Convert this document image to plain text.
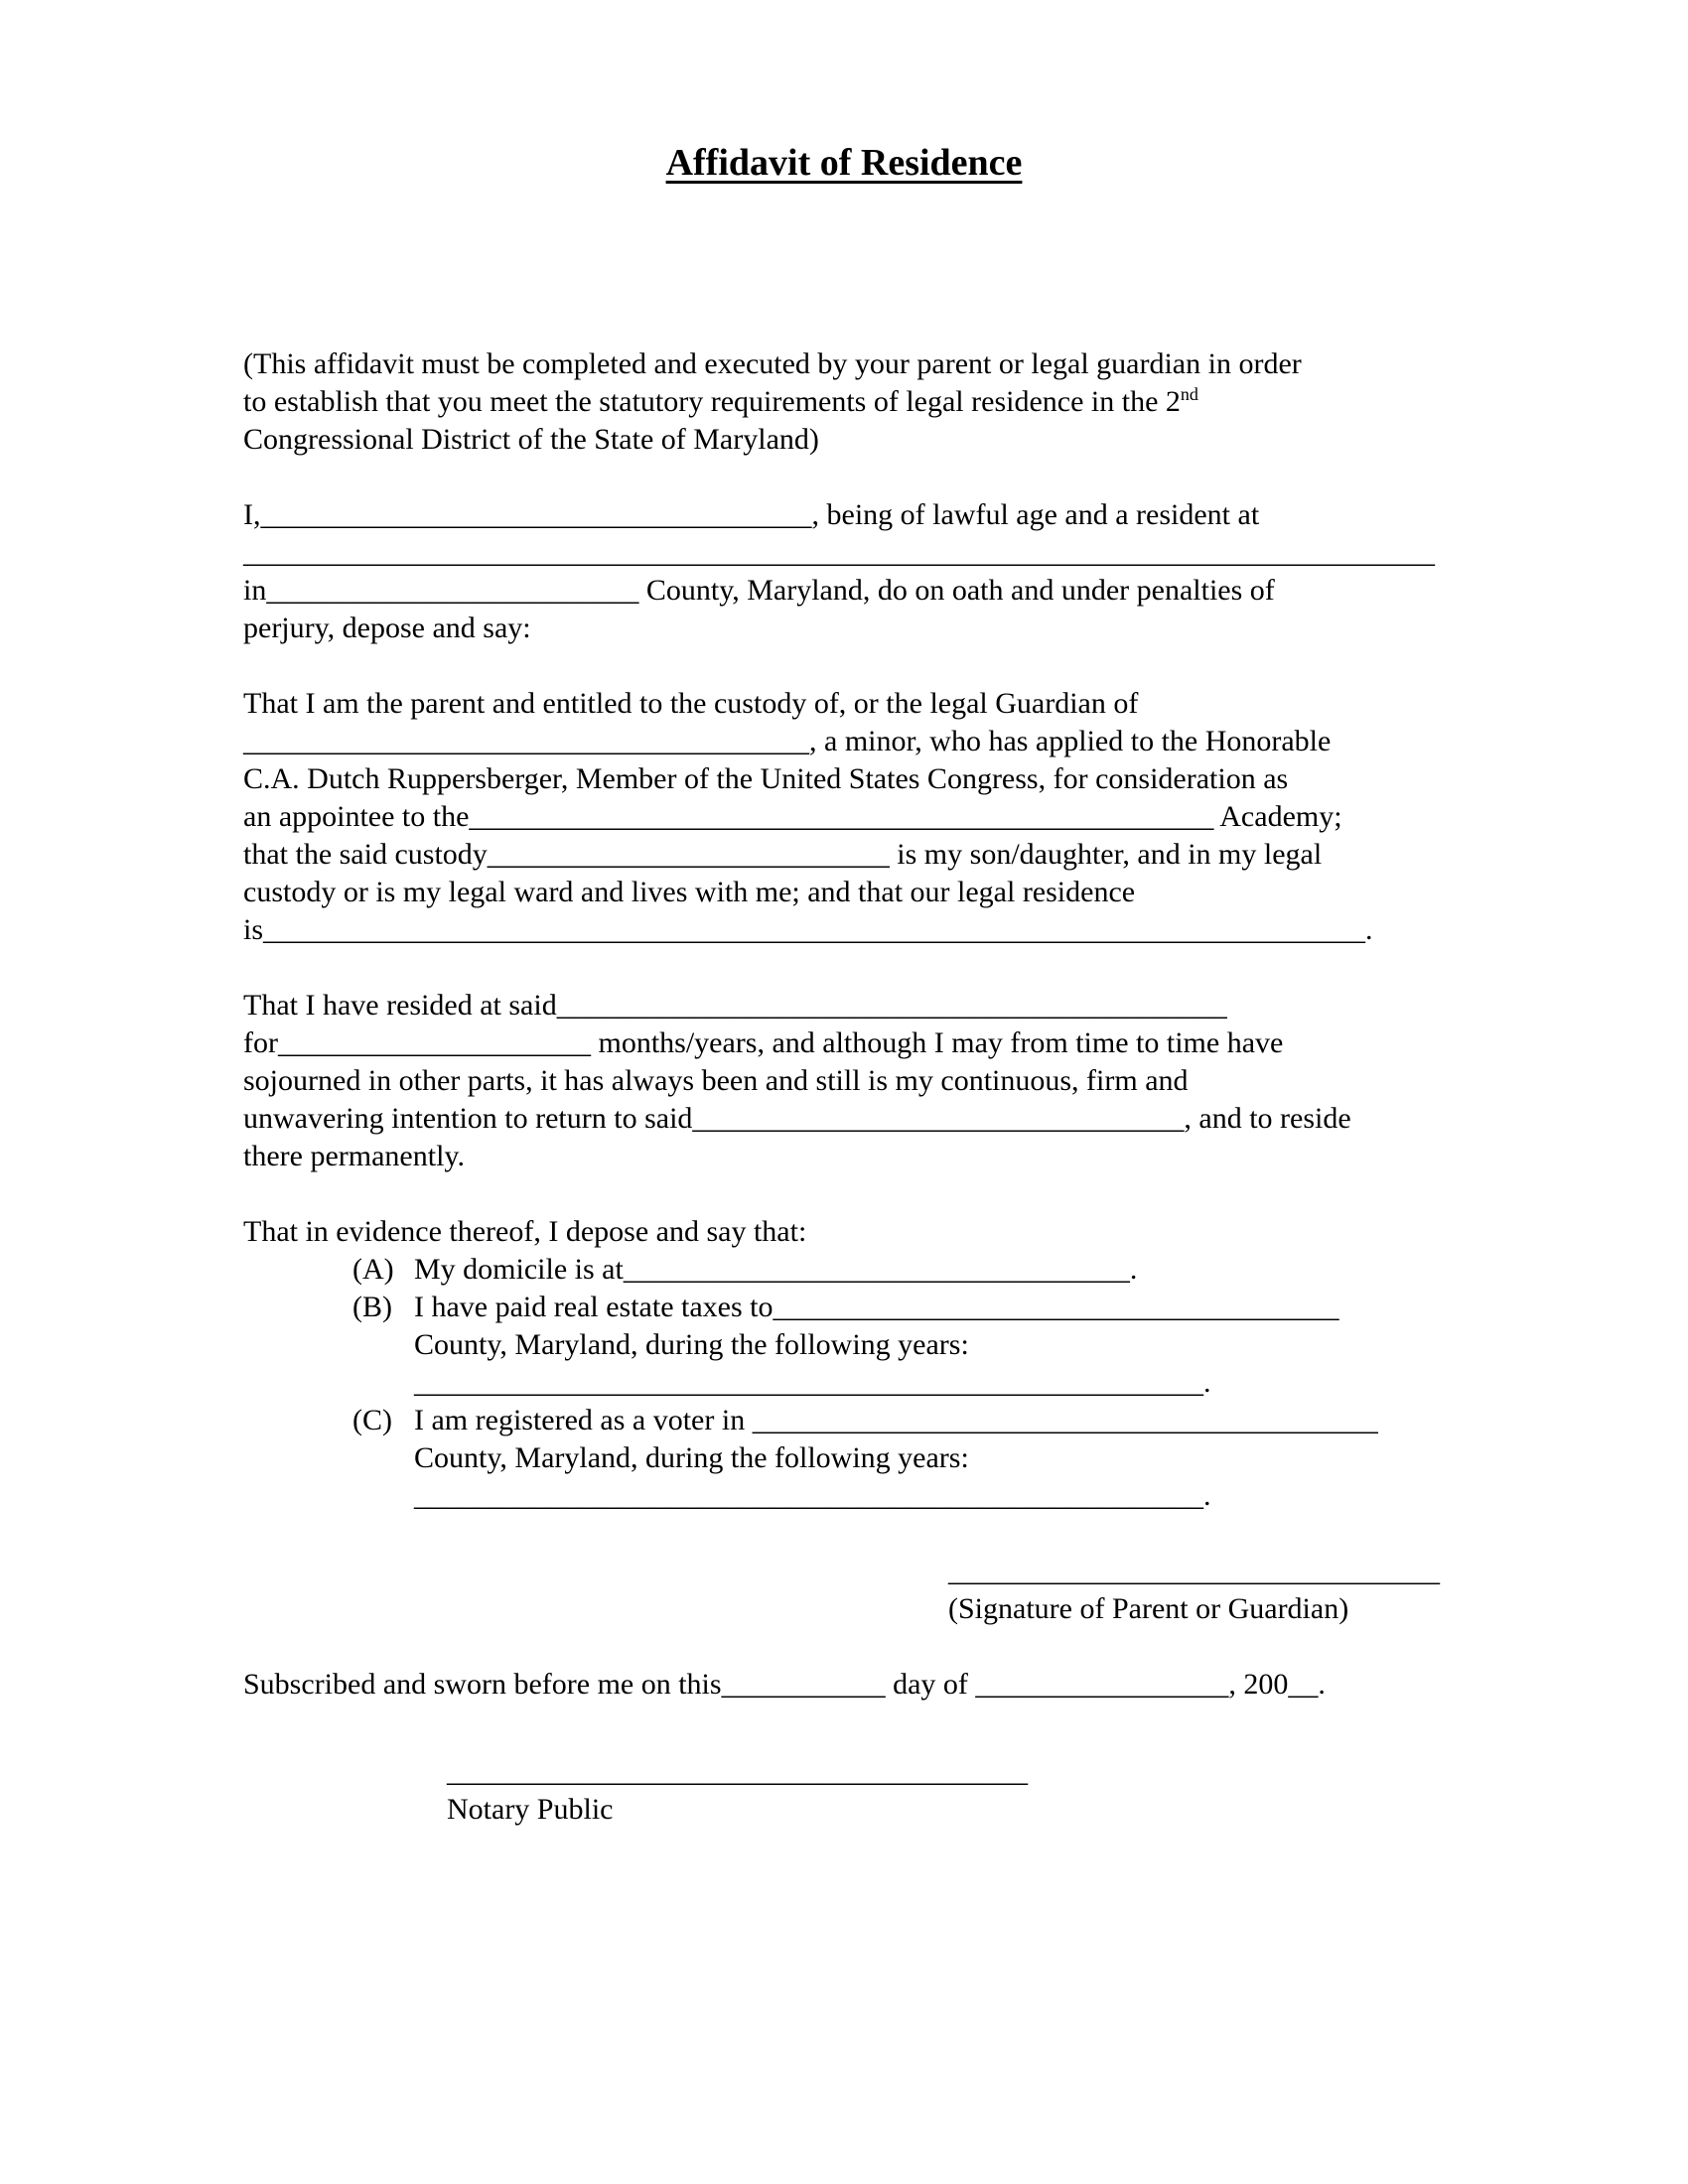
Affidavit of Residence

(This affidavit must be completed and executed by your parent or legal guardian in order
to establish that you meet the statutory requirements of legal residence in the 2nd
Congressional District of the State of Maryland)

I,_____________________________________, being of lawful age and a resident at
________________________________________________________________________________
in_________________________ County, Maryland, do on oath and under penalties of
perjury, depose and say:

That I am the parent and entitled to the custody of, or the legal Guardian of
______________________________________, a minor, who has applied to the Honorable
C.A. Dutch Ruppersberger, Member of the United States Congress, for consideration as
an appointee to the__________________________________________________ Academy;
that the said custody___________________________ is my son/daughter, and in my legal
custody or is my legal ward and lives with me; and that our legal residence
is__________________________________________________________________________.

That I have resided at said_____________________________________________
for_____________________ months/years, and although I may from time to time have
sojourned in other parts, it has always been and still is my continuous, firm and
unwavering intention to return to said_________________________________, and to reside
there permanently.

That in evidence thereof, I depose and say that:
(A) My domicile is at__________________________________.
(B) I have paid real estate taxes to______________________________________
County, Maryland, during the following years:
_____________________________________________________.
(C) I am registered as a voter in __________________________________________
County, Maryland, during the following years:
_____________________________________________________.
_________________________________
(Signature of Parent or Guardian)

Subscribed and sworn before me on this___________ day of _________________, 200__.

_______________________________________
Notary Public
